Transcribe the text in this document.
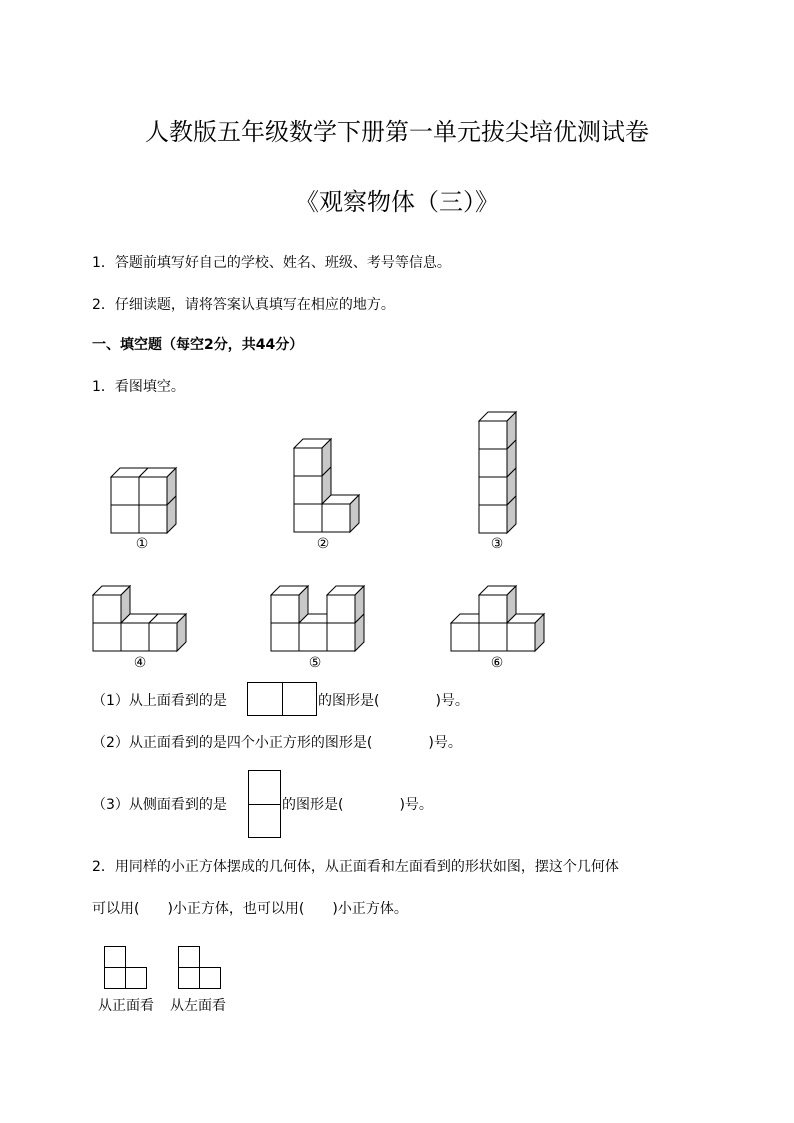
人教版五年级数学下册第一单元拔尖培优测试卷
《观察物体（三）》
1．答题前填写好自己的学校、姓名、班级、考号等信息。
2．仔细读题，请将答案认真填写在相应的地方。
一、填空题（每空2分，共44分）
1．看图填空。
①	②	③
④	⑤	⑥
（1）从上面看到的是	的图形是(　　　　)号。
（2）从正面看到的是四个小正方形的图形是(　　　　)号。
（3）从侧面看到的是	的图形是(　　　　)号。
2．用同样的小正方体摆成的几何体，从正面看和左面看到的形状如图，摆这个几何体
可以用(　　)小正方体，也可以用(　　)小正方体。
从正面看 从左面看
